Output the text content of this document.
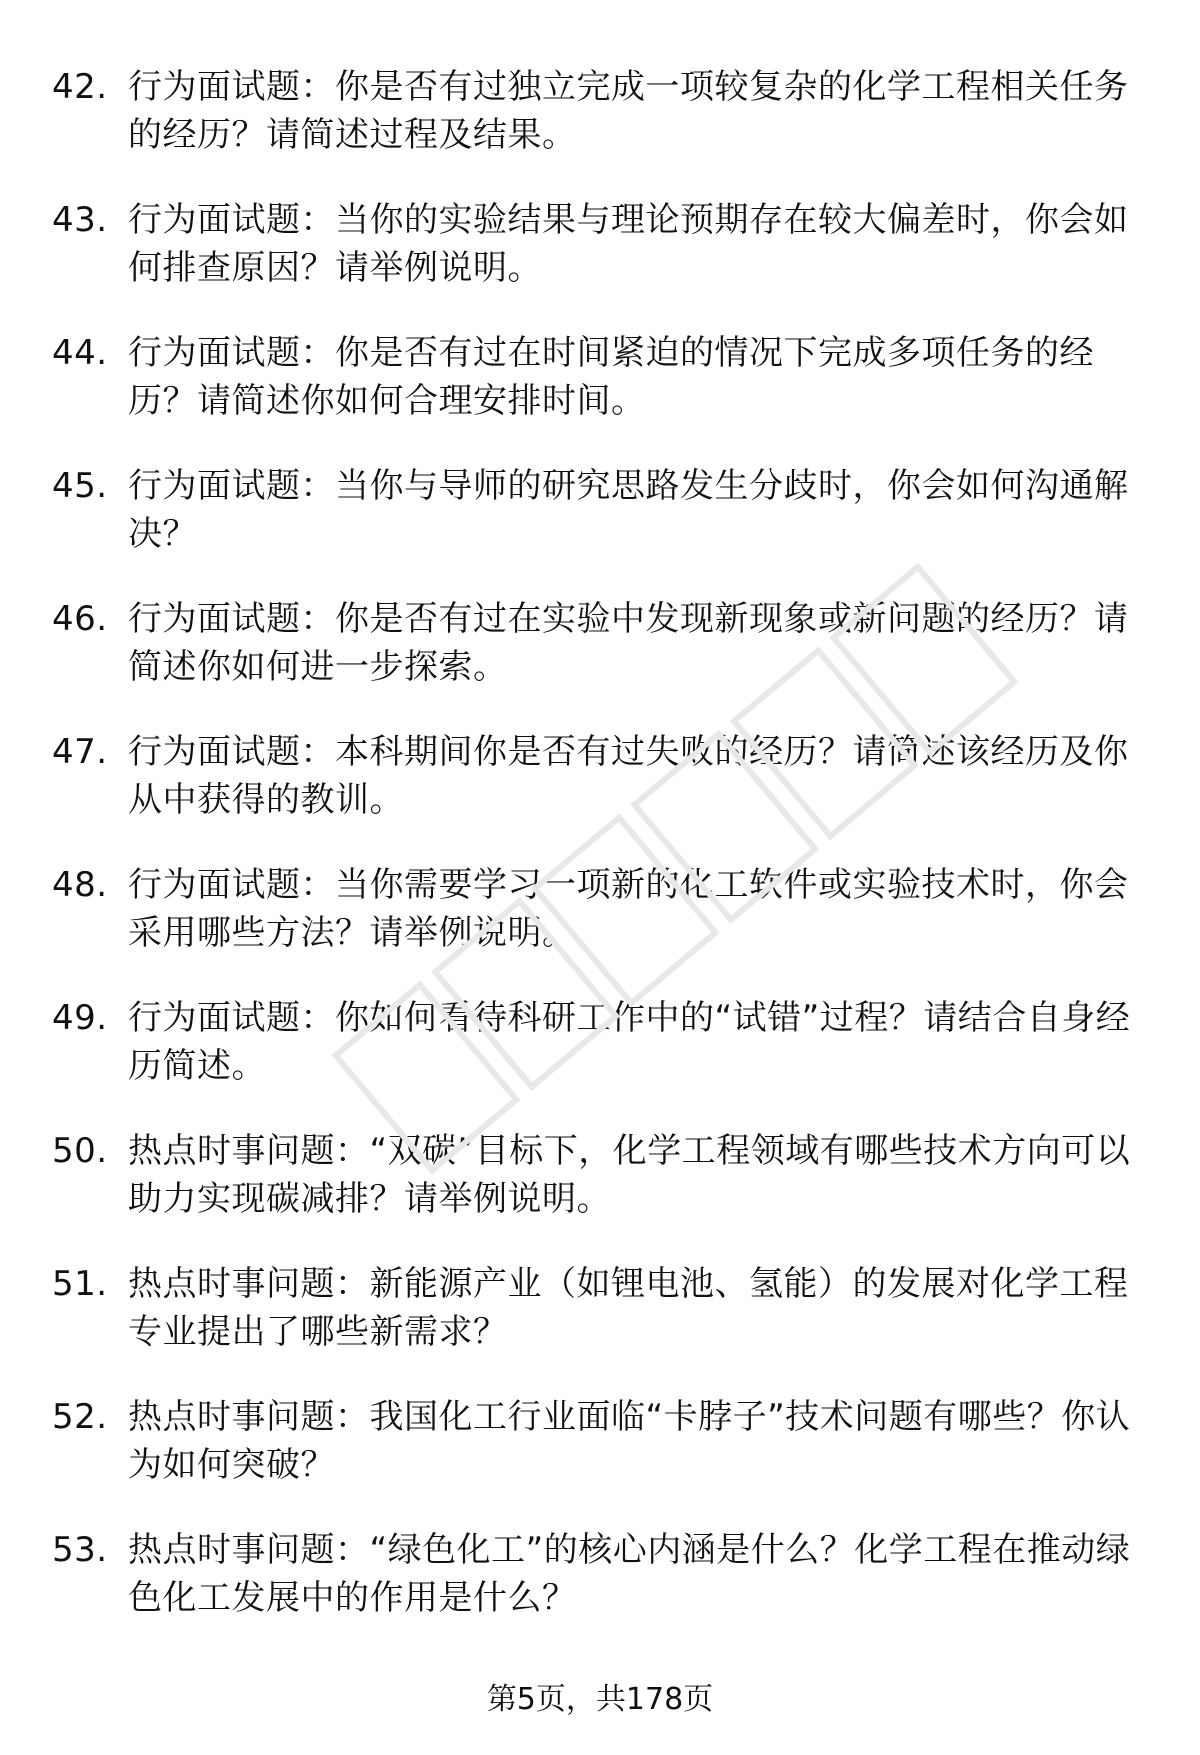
42. 行为面试题：你是否有过独立完成一项较复杂的化学工程相关任务的经历？请简述过程及结果。
43. 行为面试题：当你的实验结果与理论预期存在较大偏差时，你会如何排查原因？请举例说明。
44. 行为面试题：你是否有过在时间紧迫的情况下完成多项任务的经历？请简述你如何合理安排时间。
45. 行为面试题：当你与导师的研究思路发生分歧时，你会如何沟通解决？
46. 行为面试题：你是否有过在实验中发现新现象或新问题的经历？请简述你如何进一步探索。
47. 行为面试题：本科期间你是否有过失败的经历？请简述该经历及你从中获得的教训。
48. 行为面试题：当你需要学习一项新的化工软件或实验技术时，你会采用哪些方法？请举例说明。
49. 行为面试题：你如何看待科研工作中的“试错”过程？请结合自身经历简述。
50. 热点时事问题：“双碳”目标下，化学工程领域有哪些技术方向可以助力实现碳减排？请举例说明。
51. 热点时事问题：新能源产业（如锂电池、氢能）的发展对化学工程专业提出了哪些新需求？
52. 热点时事问题：我国化工行业面临“卡脖子”技术问题有哪些？你认为如何突破？
53. 热点时事问题：“绿色化工”的核心内涵是什么？化学工程在推动绿色化工发展中的作用是什么？
第5页，共178页
